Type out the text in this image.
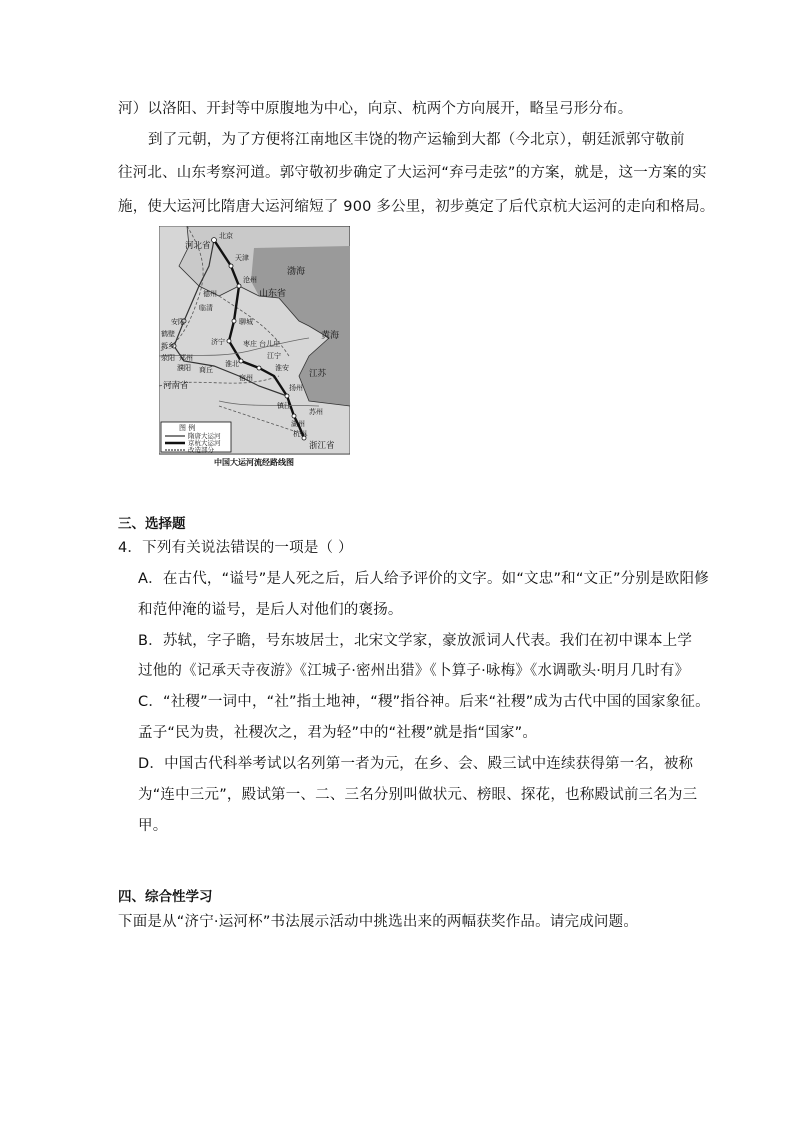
河）以洛阳、开封等中原腹地为中心，向京、杭两个方向展开，略呈弓形分布。
到了元朝，为了方便将江南地区丰饶的物产运输到大都（今北京），朝廷派郭守敬前
往河北、山东考察河道。郭守敬初步确定了大运河“弃弓走弦”的方案，就是，这一方案的实
施，使大运河比隋唐大运河缩短了 900 多公里，初步奠定了后代京杭大运河的走向和格局。
河北省
山东省
河南省
江苏
浙江省
渤海
黄海
北京
天津
沧州
德州
临清
聊城
安阳
鹤壁
新乡	济宁
荥阳 郑州
商丘
淮北
宿州
枣庄 台儿庄
江宁
淮安
扬州
镇江
苏州
杭州
湖州
濮阳
图 例
隋唐大运河
京杭大运河
改造部分
中国大运河流经路线图
三、选择题
4．下列有关说法错误的一项是（ ）
A．在古代，“谥号”是人死之后，后人给予评价的文字。如“文忠”和“文正”分别是欧阳修
和范仲淹的谥号，是后人对他们的褒扬。
B．苏轼，字子瞻，号东坡居士，北宋文学家，豪放派词人代表。我们在初中课本上学
过他的《记承天寺夜游》《江城子·密州出猎》《卜算子·咏梅》《水调歌头·明月几时有》
C．“社稷”一词中，“社”指土地神，“稷”指谷神。后来“社稷”成为古代中国的国家象征。
孟子“民为贵，社稷次之，君为轻”中的“社稷”就是指“国家”。
D．中国古代科举考试以名列第一者为元，在乡、会、殿三试中连续获得第一名，被称
为“连中三元”，殿试第一、二、三名分别叫做状元、榜眼、探花，也称殿试前三名为三
甲。
四、综合性学习
下面是从“济宁·运河杯”书法展示活动中挑选出来的两幅获奖作品。请完成问题。
